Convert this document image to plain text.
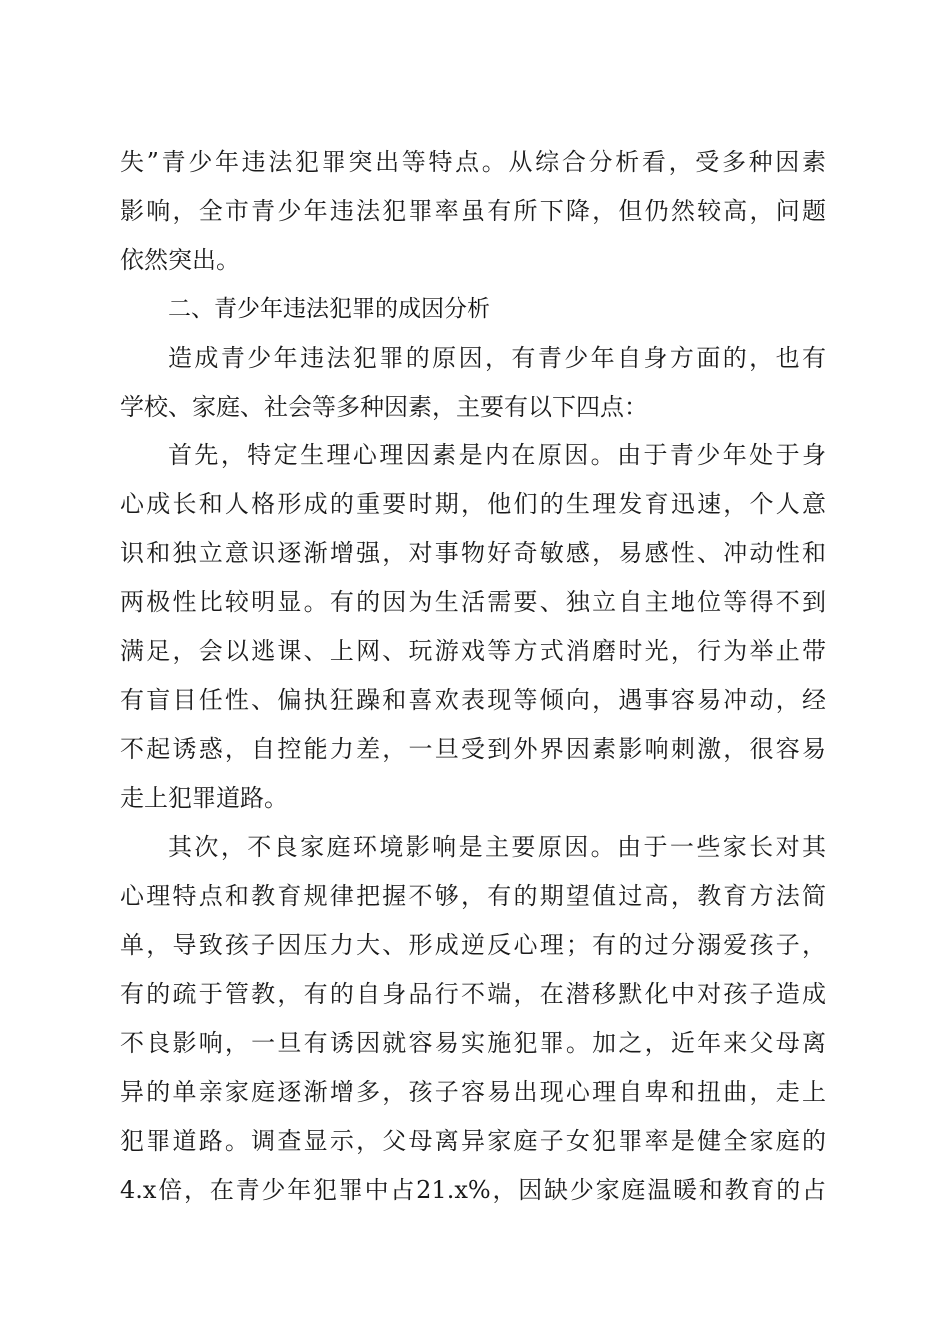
失”青少年违法犯罪突出等特点。从综合分析看，受多种因素
影响，全市青少年违法犯罪率虽有所下降，但仍然较高，问题
依然突出。
二、青少年违法犯罪的成因分析
造成青少年违法犯罪的原因，有青少年自身方面的，也有
学校、家庭、社会等多种因素，主要有以下四点：
首先，特定生理心理因素是内在原因。由于青少年处于身
心成长和人格形成的重要时期，他们的生理发育迅速，个人意
识和独立意识逐渐增强，对事物好奇敏感，易感性、冲动性和
两极性比较明显。有的因为生活需要、独立自主地位等得不到
满足，会以逃课、上网、玩游戏等方式消磨时光，行为举止带
有盲目任性、偏执狂躁和喜欢表现等倾向，遇事容易冲动，经
不起诱惑，自控能力差，一旦受到外界因素影响刺激，很容易
走上犯罪道路。
其次，不良家庭环境影响是主要原因。由于一些家长对其
心理特点和教育规律把握不够，有的期望值过高，教育方法简
单，导致孩子因压力大、形成逆反心理；有的过分溺爱孩子，
有的疏于管教，有的自身品行不端，在潜移默化中对孩子造成
不良影响，一旦有诱因就容易实施犯罪。加之，近年来父母离
异的单亲家庭逐渐增多，孩子容易出现心理自卑和扭曲，走上
犯罪道路。调查显示，父母离异家庭子女犯罪率是健全家庭的
4.x倍，在青少年犯罪中占21.x%，因缺少家庭温暖和教育的占
